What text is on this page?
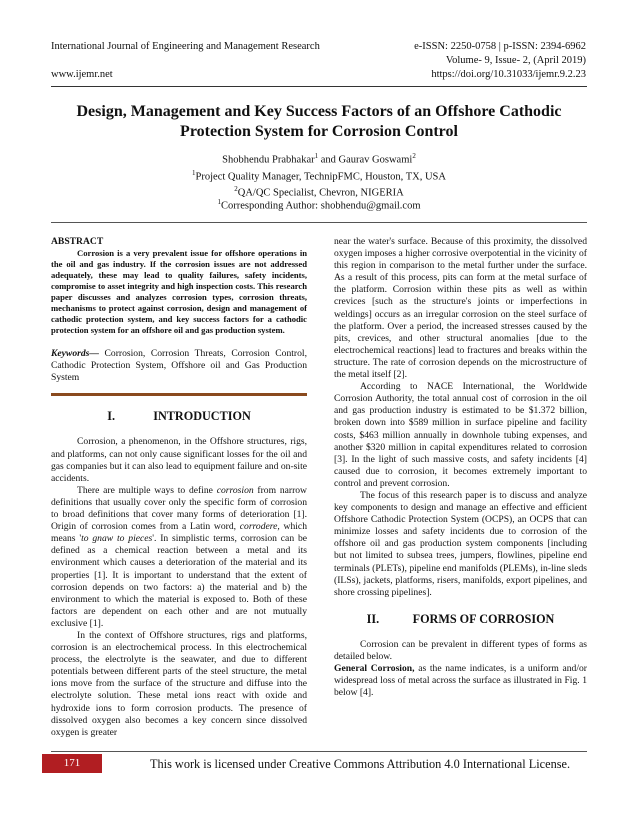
International Journal of Engineering and Management Research
www.ijemr.net
e-ISSN: 2250-0758 | p-ISSN: 2394-6962
Volume- 9, Issue- 2, (April 2019)
https://doi.org/10.31033/ijemr.9.2.23
Design, Management and Key Success Factors of an Offshore Cathodic Protection System for Corrosion Control
Shobhendu Prabhakar$^1$ and Gaurav Goswami$^2$
$^1$Project Quality Manager, TechnipFMC, Houston, TX, USA
$^2$QA/QC Specialist, Chevron, NIGERIA
$^1$Corresponding Author: shobhendu@gmail.com

ABSTRACT

Corrosion is a very prevalent issue for offshore operations in the oil and gas industry. If the corrosion issues are not addressed adequately, these may lead to quality failures, safety incidents, compromise to asset integrity and high inspection costs. This research paper discusses and analyzes corrosion types, corrosion threats, mechanisms to protect against corrosion, design and management of cathodic protection system, and key success factors for a cathodic protection system for an offshore oil and gas production system.

Keywords— Corrosion, Corrosion Threats, Corrosion Control, Cathodic Protection System, Offshore oil and Gas Production System

I.	INTRODUCTION

Corrosion, a phenomenon, in the Offshore structures, rigs, and platforms, can not only cause significant losses for the oil and gas companies but it can also lead to equipment failure and on-site accidents.

There are multiple ways to define corrosion from narrow definitions that usually cover only the specific form of corrosion to broad definitions that cover many forms of deterioration [1]. Origin of corrosion comes from a Latin word, corrodere, which means 'to gnaw to pieces'. In simplistic terms, corrosion can be defined as a chemical reaction between a metal and its environment which causes a deterioration of the material and its properties [1]. It is important to understand that the extent of corrosion depends on two factors: a) the material and b) the environment to which the material is exposed to. Both of these factors are dependent on each other and are not mutually exclusive [1].

In the context of Offshore structures, rigs and platforms, corrosion is an electrochemical process. In this electrochemical process, the electrolyte is the seawater, and due to different potentials between different parts of the steel structure, the metal ions move from the surface of the structure and diffuse into the electrolyte solution. These metal ions react with oxide and hydroxide ions to form corrosion products. The presence of dissolved oxygen also becomes a key concern since dissolved oxygen is greater

near the water's surface. Because of this proximity, the dissolved oxygen imposes a higher corrosive overpotential in the vicinity of this region in comparison to the metal further under the surface. As a result of this process, pits can form at the metal surface of the platform. Corrosion within these pits as well as within crevices [such as the structure's joints or imperfections in weldings] occurs as an irregular corrosion on the steel surface of the platform. Over a period, the increased stresses caused by the pits, crevices, and other structural anomalies [due to the electrochemical reactions] lead to fractures and breaks within the structure. The rate of corrosion depends on the microstructure of the metal itself [2].

According to NACE International, the Worldwide Corrosion Authority, the total annual cost of corrosion in the oil and gas production industry is estimated to be $1.372 billion, broken down into $589 million in surface pipeline and facility costs, $463 million annually in downhole tubing expenses, and another $320 million in capital expenditures related to corrosion [3]. In the light of such massive costs, and safety incidents [4] caused due to corrosion, it becomes extremely important to control and prevent corrosion.

The focus of this research paper is to discuss and analyze key components to design and manage an effective and efficient Offshore Cathodic Protection System (OCPS), an OCPS that can minimize losses and safety incidents due to corrosion of the offshore oil and gas production system components [including but not limited to subsea trees, jumpers, flowlines, pipeline end terminals (PLETs), pipeline end manifolds (PLEMs), in-line sleds (ILSs), jackets, platforms, risers, manifolds, export pipelines, and shore crossing pipelines].

II.	FORMS OF CORROSION

Corrosion can be prevalent in different types of forms as detailed below.

General Corrosion, as the name indicates, is a uniform and/or widespread loss of metal across the surface as illustrated in Fig. 1 below [4].

171	This work is licensed under Creative Commons Attribution 4.0 International License.
